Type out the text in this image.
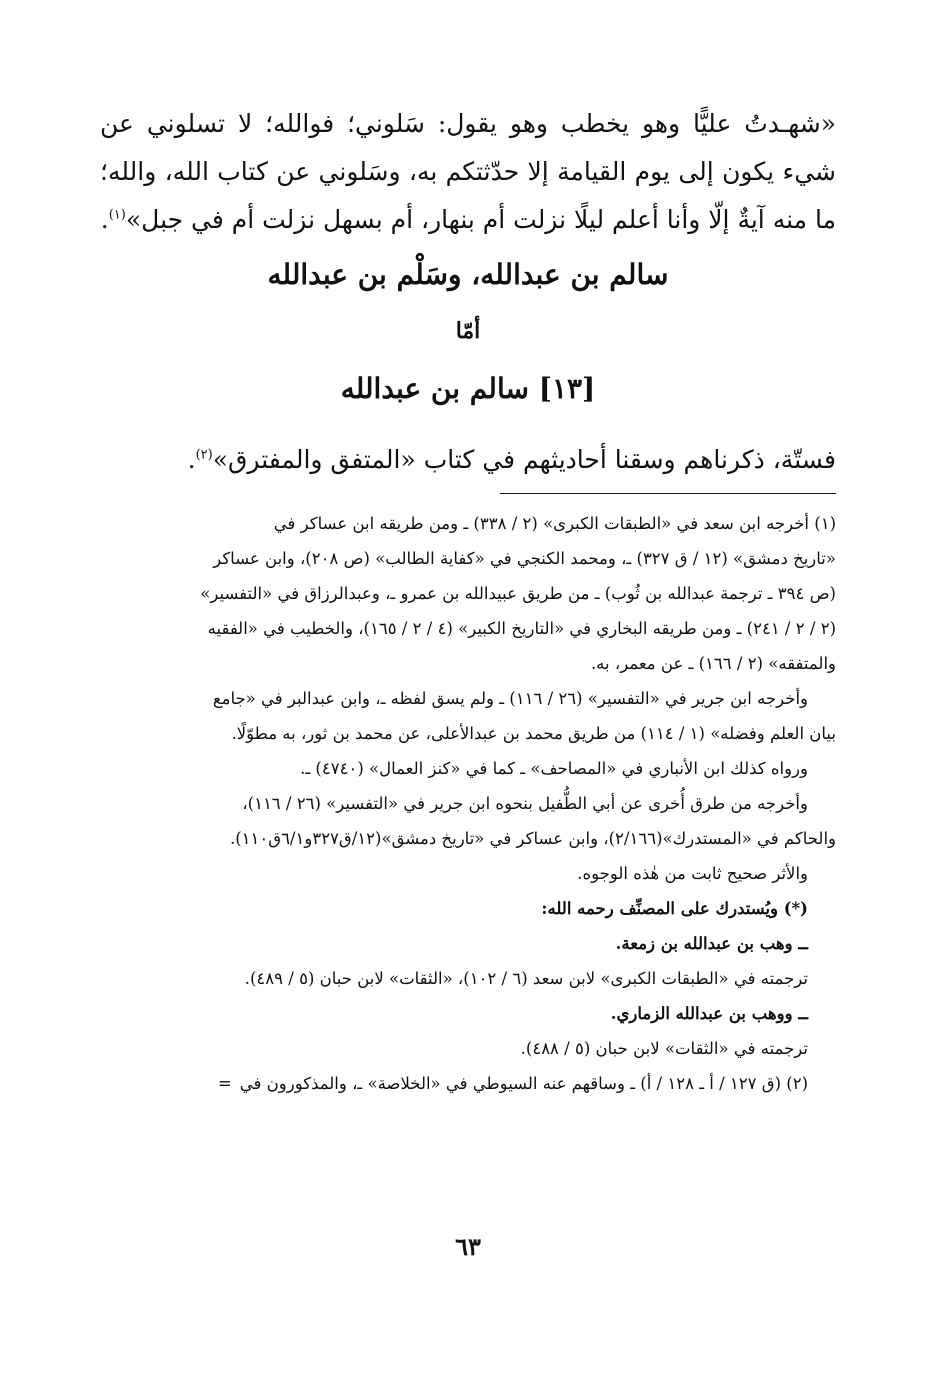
«شهـدتُ عليًّا وهو يخطب وهو يقول: سَلوني؛ فوالله؛ لا تسلوني عن شيء يكون إلى يوم القيامة إلا حدّثتكم به، وسَلوني عن كتاب الله، والله؛ ما منه آيةٌ إلّا وأنا أعلم ليلًا نزلت أم بنهار، أم بسهل نزلت أم في جبل»$^{(١)}$.

سالم بن عبدالله، وسَلْم بن عبدالله
أمّا
[١٣] سالم بن عبدالله
فستّة، ذكرناهم وسقنا أحاديثهم في كتاب «المتفق والمفترق»$^{(٢)}$.

(١) أخرجه ابن سعد في «الطبقات الكبرى» (٢ / ٣٣٨) ـ ومن طريقه ابن عساكر في

«تاريخ دمشق» (١٢ / ق ٣٢٧) ـ، ومحمد الكنجي في «كفاية الطالب» (ص ٢٠٨)، وابن عساكر

(ص ٣٩٤ ـ ترجمة عبدالله بن ثُوب) ـ من طريق عبيدالله بن عمرو ـ، وعبدالرزاق في «التفسير»

(٢ / ٢ / ٢٤١) ـ ومن طريقه البخاري في «التاريخ الكبير» (٤ / ٢ / ١٦٥)، والخطيب في «الفقيه

والمتفقه» (٢ / ١٦٦) ـ عن معمر، به.

وأخرجه ابن جرير في «التفسير» (٢٦ / ١١٦) ـ ولم يسق لفظه ـ، وابن عبدالبر في «جامع

بيان العلم وفضله» (١ / ١١٤) من طريق محمد بن عبدالأعلى، عن محمد بن ثور، به مطوّلًا.

ورواه كذلك ابن الأنباري في «المصاحف» ـ كما في «كنز العمال» (٤٧٤٠) ـ.

وأخرجه من طرق أُخرى عن أبي الطُّفيل بنحوه ابن جرير في «التفسير» (٢٦ / ١١٦)،

والحاكم في «المستدرك»(٢/١٦٦)، وابن عساكر في «تاريخ دمشق»(١٢/ق٣٢٧و٦/١ق١١٠).

والأثر صحيح ثابت من هٰذه الوجوه.

(*) ويُستدرك على المصنِّف رحمه الله:

ــ وهب بن عبدالله بن زمعة.

ترجمته في «الطبقات الكبرى» لابن سعد (٦ / ١٠٢)، «الثقات» لابن حبان (٥ / ٤٨٩).

ــ ووهب بن عبدالله الزماري.

ترجمته في «الثقات» لابن حبان (٥ / ٤٨٨).

(٢) (ق ١٢٧ / أ ـ ١٢٨ / أ) ـ وساقهم عنه السيوطي في «الخلاصة» ـ، والمذكورون في=

٦٣
